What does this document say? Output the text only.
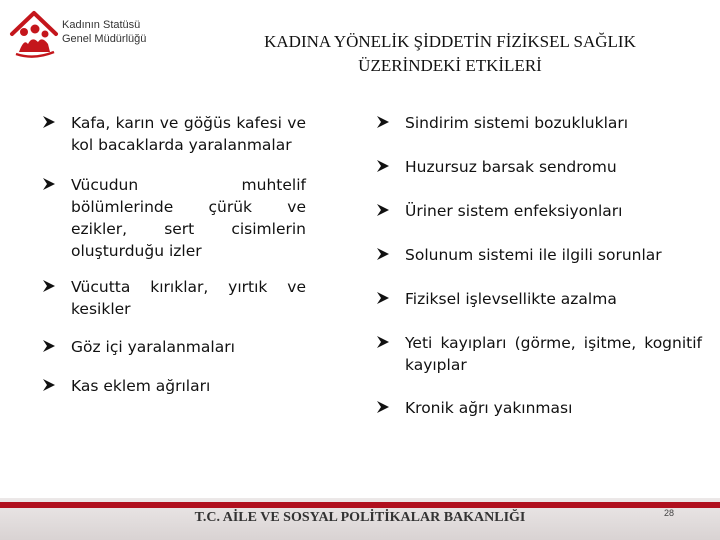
Kadının Statüsü
Genel Müdürlüğü	KADINA YÖNELİK ŞİDDETİN FİZİKSEL SAĞLIK
ÜZERİNDEKİ ETKİLERİ
Kafa, karın ve göğüs kafesi ve kol bacaklarda yaralanmalar
Vücudun muhtelif bölümlerinde çürük ve ezikler, sert cisimlerin oluşturduğu izler
Vücutta kırıklar, yırtık ve kesikler
Göz içi yaralanmaları
Kas eklem ağrıları
Sindirim sistemi bozuklukları
Huzursuz barsak sendromu
Üriner sistem enfeksiyonları
Solunum sistemi ile ilgili sorunlar
Fiziksel işlevsellikte azalma
Yeti kayıpları (görme, işitme, kognitif kayıplar
Kronik ağrı yakınması
T.C. AİLE VE SOSYAL POLİTİKALAR BAKANLIĞI	28
